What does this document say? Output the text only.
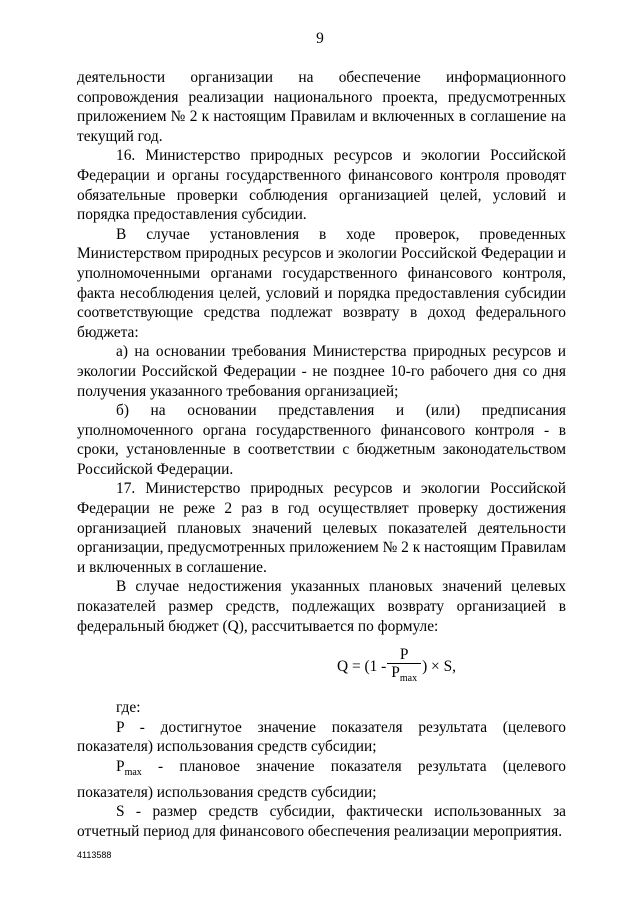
9

деятельности организации на обеспечение информационного сопровождения реализации национального проекта, предусмотренных приложением № 2 к настоящим Правилам и включенных в соглашение на текущий год.

16. Министерство природных ресурсов и экологии Российской Федерации и органы государственного финансового контроля проводят обязательные проверки соблюдения организацией целей, условий и порядка предоставления субсидии.

В случае установления в ходе проверок, проведенных Министерством природных ресурсов и экологии Российской Федерации и уполномоченными органами государственного финансового контроля, факта несоблюдения целей, условий и порядка предоставления субсидии соответствующие средства подлежат возврату в доход федерального бюджета:

а) на основании требования Министерства природных ресурсов и экологии Российской Федерации - не позднее 10-го рабочего дня со дня получения указанного требования организацией;

б) на основании представления и (или) предписания уполномоченного органа государственного финансового контроля - в сроки, установленные в соответствии с бюджетным законодательством Российской Федерации.

17. Министерство природных ресурсов и экологии Российской Федерации не реже 2 раз в год осуществляет проверку достижения организацией плановых значений целевых показателей деятельности организации, предусмотренных приложением № 2 к настоящим Правилам и включенных в соглашение.

В случае недостижения указанных плановых значений целевых показателей размер средств, подлежащих возврату организацией в федеральный бюджет (Q), рассчитывается по формуле:

$Q = (1 - \frac{P}{P_{max}}$ ) × S,

где:

P - достигнутое значение показателя результата (целевого показателя) использования средств субсидии;

$P_{max}$ - плановое значение показателя результата (целевого показателя) использования средств субсидии;

S - размер средств субсидии, фактически использованных за отчетный период для финансового обеспечения реализации мероприятия.

4113588
